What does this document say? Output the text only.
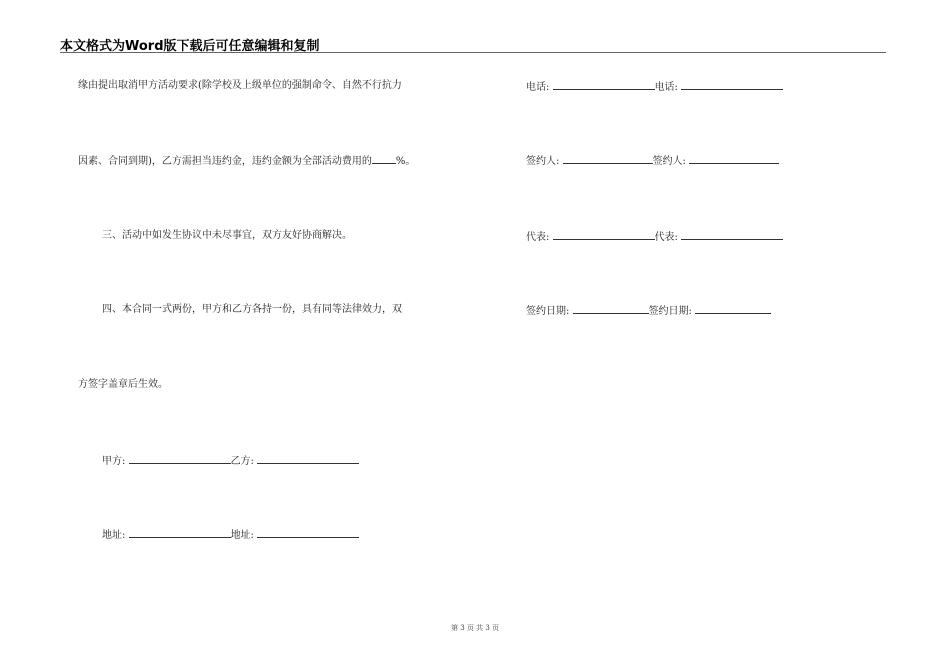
本文格式为Word版下载后可任意编辑和复制
缘由提出取消甲方活动要求(除学校及上级单位的强制命令、自然不行抗力
因素、合同到期)，乙方需担当违约金，违约金额为全部活动费用的 %。
三、活动中如发生协议中未尽事宜，双方友好协商解决。
四、本合同一式两份，甲方和乙方各持一份，具有同等法律效力，双
方签字盖章后生效。
甲方:	乙方:
地址:	地址:
电话:	电话:
签约人:	签约人:
代表:	代表:
签约日期:	签约日期:
第 3 页 共 3 页
